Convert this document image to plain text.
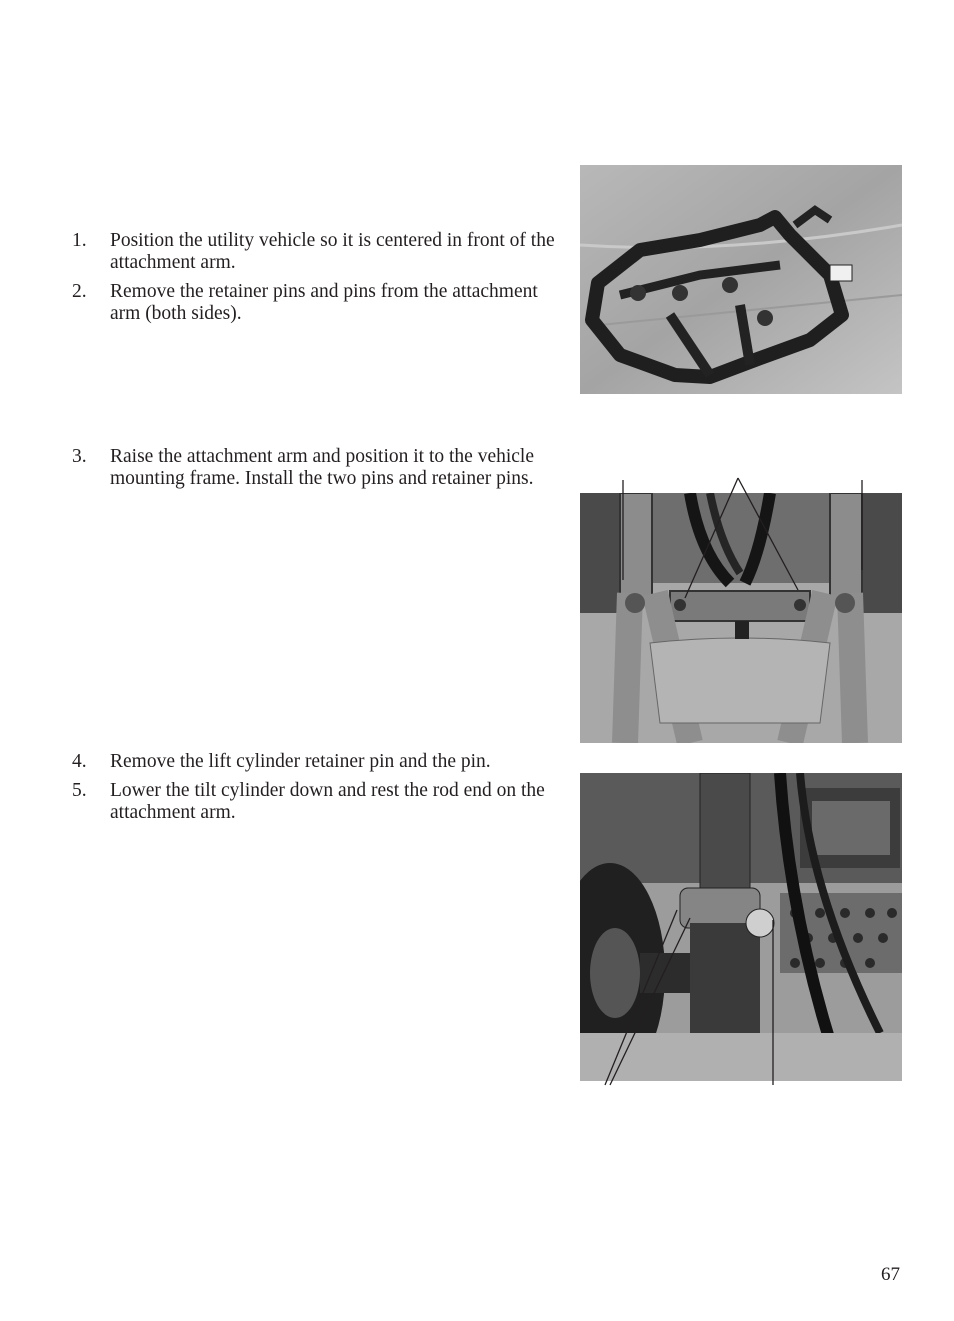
1. Position the utility vehicle so it is centered in front of the attachment arm.
2. Remove the retainer pins and pins from the attachment arm (both sides).
3. Raise the attachment arm and position it to the vehicle mounting frame. Install the two pins and retainer pins.
4. Remove the lift cylinder retainer pin and the pin.
5. Lower the tilt cylinder down and rest the rod end on the attachment arm.
67
